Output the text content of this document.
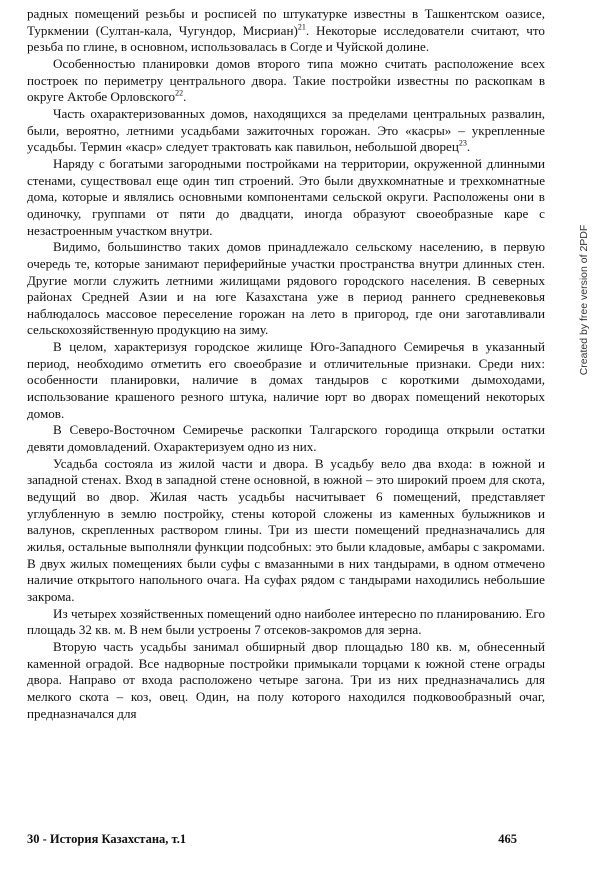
радных помещений резьбы и росписей по штукатурке известны в Ташкентском оазисе, Туркмении (Султан-кала, Чугундор, Мисриан)$^{21}$. Некоторые исследователи считают, что резьба по глине, в основном, использовалась в Согде и Чуйской долине.

Особенностью планировки домов второго типа можно считать расположение всех построек по периметру центрального двора. Такие постройки известны по раскопкам в округе Актобе Орловского$^{22}$.

Часть охарактеризованных домов, находящихся за пределами центральных развалин, были, вероятно, летними усадьбами зажиточных горожан. Это «касры» – укрепленные усадьбы. Термин «каср» следует трактовать как павильон, небольшой дворец$^{23}$.

Наряду с богатыми загородными постройками на территории, окруженной длинными стенами, существовал еще один тип строений. Это были двухкомнатные и трехкомнатные дома, которые и являлись основными компонентами сельской округи. Расположены они в одиночку, группами от пяти до двадцати, иногда образуют своеобразные каре с незастроенным участком внутри.

Видимо, большинство таких домов принадлежало сельскому населению, в первую очередь те, которые занимают периферийные участки пространства внутри длинных стен. Другие могли служить летними жилищами рядового городского населения. В северных районах Средней Азии и на юге Казахстана уже в период раннего средневековья наблюдалось массовое переселение горожан на лето в пригород, где они заготавливали сельскохозяйственную продукцию на зиму.

В целом, характеризуя городское жилище Юго-Западного Семиречья в указанный период, необходимо отметить его своеобразие и отличительные признаки. Среди них: особенности планировки, наличие в домах тандыров с короткими дымоходами, использование крашеного резного штука, наличие юрт во дворах помещений некоторых домов.

В Северо-Восточном Семиречье раскопки Талгарского городища открыли остатки девяти домовладений. Охарактеризуем одно из них.

Усадьба состояла из жилой части и двора. В усадьбу вело два входа: в южной и западной стенах. Вход в западной стене основной, в южной – это широкий проем для скота, ведущий во двор. Жилая часть усадьбы насчитывает 6 помещений, представляет углубленную в землю постройку, стены которой сложены из каменных булыжников и валунов, скрепленных раствором глины. Три из шести помещений предназначались для жилья, остальные выполняли функции подсобных: это были кладовые, амбары с закромами. В двух жилых помещениях были суфы с вмазанными в них тандырами, в одном отмечено наличие открытого напольного очага. На суфах рядом с тандырами находились небольшие закрома.

Из четырех хозяйственных помещений одно наиболее интересно по планированию. Его площадь 32 кв. м. В нем были устроены 7 отсеков-закромов для зерна.

Вторую часть усадьбы занимал обширный двор площадью 180 кв. м, обнесенный каменной оградой. Все надворные постройки примыкали торцами к южной стене ограды двора. Направо от входа расположено четыре загона. Три из них предназначались для мелкого скота – коз, овец. Один, на полу которого находился подковообразный очаг, предназначался для

30 - История Казахстана, т.1	465
Created by free version of 2PDF
